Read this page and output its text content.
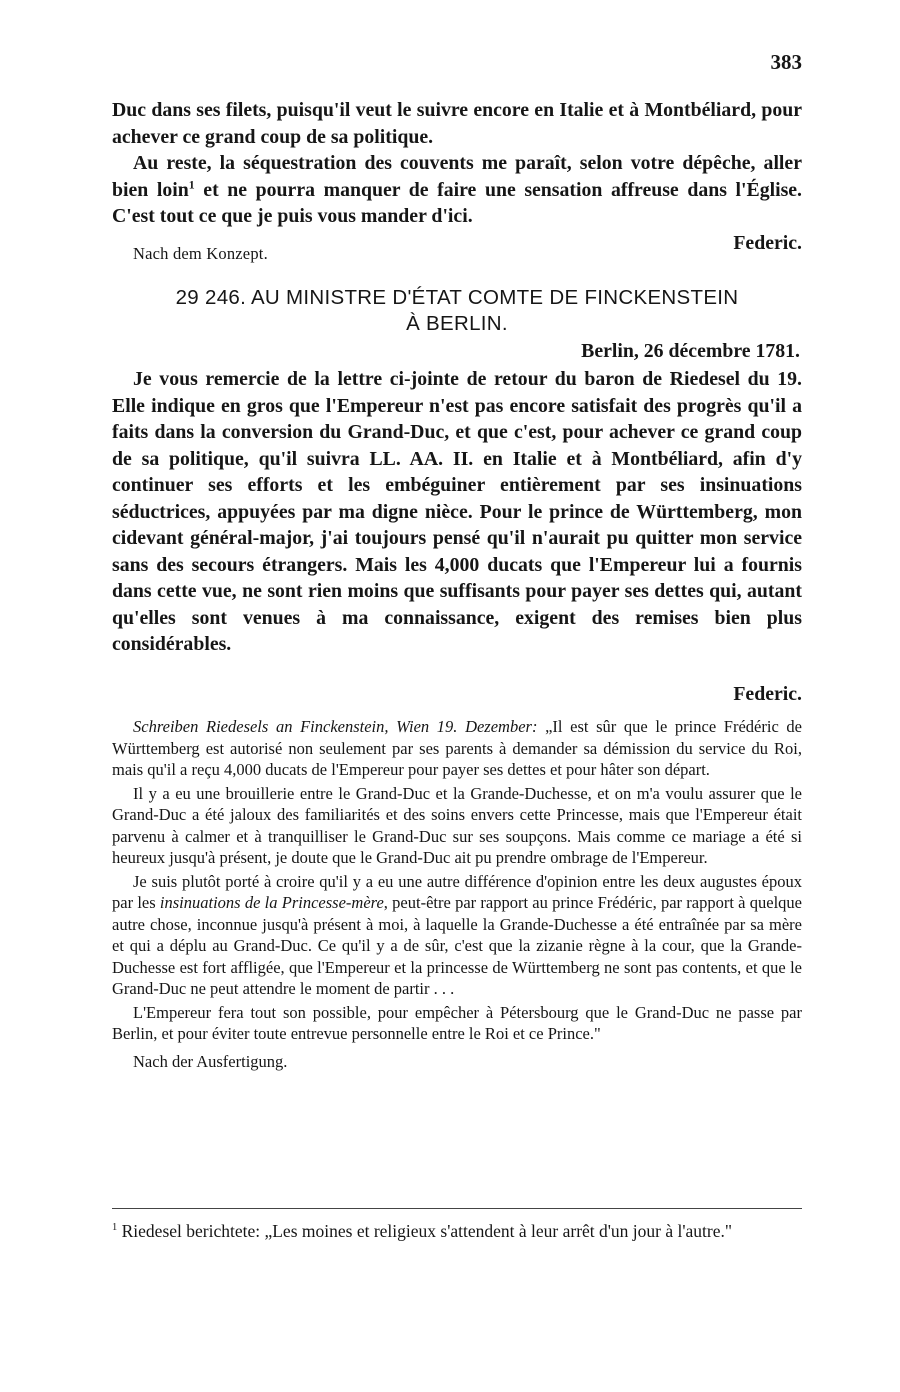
383

Duc dans ses filets, puisqu'il veut le suivre encore en Italie et à Montbéliard, pour achever ce grand coup de sa politique.

Au reste, la séquestration des couvents me paraît, selon votre dépêche, aller bien loin$^1$ et ne pourra manquer de faire une sensation affreuse dans l'Église. C'est tout ce que je puis vous mander d'ici.

Nach dem Konzept.	Federic.
29 246. AU MINISTRE D'ÉTAT COMTE DE FINCKENSTEIN
À BERLIN.
Berlin, 26 décembre 1781.

Je vous remercie de la lettre ci-jointe de retour du baron de Riedesel du 19. Elle indique en gros que l'Empereur n'est pas encore satisfait des progrès qu'il a faits dans la conversion du Grand-Duc, et que c'est, pour achever ce grand coup de sa politique, qu'il suivra LL. AA. II. en Italie et à Montbéliard, afin d'y continuer ses efforts et les embéguiner entièrement par ses insinuations séductrices, appuyées par ma digne nièce. Pour le prince de Württemberg, mon cidevant général-major, j'ai toujours pensé qu'il n'aurait pu quitter mon service sans des secours étrangers. Mais les 4,000 ducats que l'Empereur lui a fournis dans cette vue, ne sont rien moins que suffisants pour payer ses dettes qui, autant qu'elles sont venues à ma connaissance, exigent des remises bien plus considérables.

Federic.

Schreiben Riedesels an Finckenstein, Wien 19. Dezember: „Il est sûr que le prince Frédéric de Württemberg est autorisé non seulement par ses parents à demander sa démission du service du Roi, mais qu'il a reçu 4,000 ducats de l'Empereur pour payer ses dettes et pour hâter son départ.

Il y a eu une brouillerie entre le Grand-Duc et la Grande-Duchesse, et on m'a voulu assurer que le Grand-Duc a été jaloux des familiarités et des soins envers cette Princesse, mais que l'Empereur était parvenu à calmer et à tranquilliser le Grand-Duc sur ses soupçons. Mais comme ce mariage a été si heureux jusqu'à présent, je doute que le Grand-Duc ait pu prendre ombrage de l'Empereur.

Je suis plutôt porté à croire qu'il y a eu une autre différence d'opinion entre les deux augustes époux par les insinuations de la Princesse-mère, peut-être par rapport au prince Frédéric, par rapport à quelque autre chose, inconnue jusqu'à présent à moi, à laquelle la Grande-Duchesse a été entraînée par sa mère et qui a déplu au Grand-Duc. Ce qu'il y a de sûr, c'est que la zizanie règne à la cour, que la Grande-Duchesse est fort affligée, que l'Empereur et la princesse de Württemberg ne sont pas contents, et que le Grand-Duc ne peut attendre le moment de partir . . .

L'Empereur fera tout son possible, pour empêcher à Pétersbourg que le Grand-Duc ne passe par Berlin, et pour éviter toute entrevue personnelle entre le Roi et ce Prince."

Nach der Ausfertigung.

$^1$ Riedesel berichtete: „Les moines et religieux s'attendent à leur arrêt d'un jour à l'autre."
